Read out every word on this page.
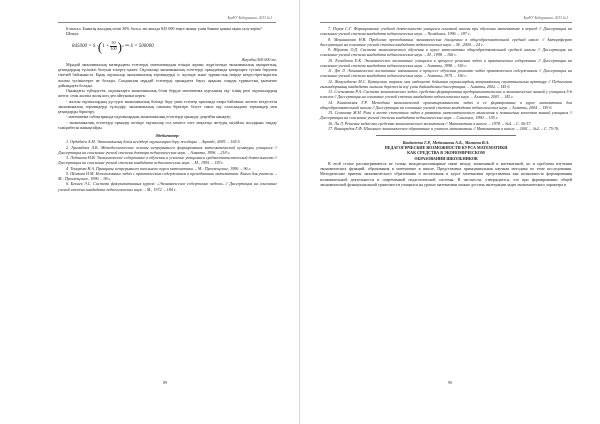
ҚазҰУ Хабаршысы. 2013 №1

6-мысал. Банктің жылдық өсімі 30% болса, екі жылда 845 000 теңге жинау үшін банкке қанша ақша салу керек?

Шешуі:

845000 =
S · ( $1 + \frac{30}{100}$ ) 2
⇒ S = 500000

Жауабы:500 000 тг.

Мұндай экономикалық мазмұндағы есептерді математикадан өзіндік жұмыс жүргізгенде экономикалық ақпараттың, ұғымдардың түсінікті болуын ескерту қажет. Оқушылар экономикалық есептерді орындағанда қатарларға түсінік берумен тікелей байланыста. Бірақ оқушылар экономикалық терминдерді іс жүзінде және тұрмыстық өмірде кездестіретіндіктен жалпы түсініктерге ие болады. Сондықтан мұндай есептерді орындауға баулу арқылы оларды тұрмыстық қызметке дайындауға болады.

Оқымдағы түйіндесек, оқушыларға экономикалық білім беруде математика курсының оқу ісінің рөлі оқушылардың жетпе, оған жалпы жолы көп деп айтуымыз керек:

- жалпы оқушылардың дүстурлі экономикалық білімді беру үшін есептер арасында өзара байланыс көптеп кездесетін экономикалық терминдерді түсіндіру, экономикалық санамен біріктіре білуге саяси оқу саласындағы терминдер мен ұғымдарды біріктіру;

- математика сабақтарында оқушылардың экономикалық есептерді орындау деңгейін анықтау;

- экономикалық есептерді орындау кезінде оқушылар сол немесе өзге мақсатқа жетудің оңтайлы жолдарын таңдау тәжірибесін жинақтайды.

Әдебиеттер:

1. Ордабаев А.М. Экономикалық білім негіздері оқушыларға беру жолдары. – Ақтөбе, 2009. – 165 б.

2. Аргинбаев А.К. Методологические основы непрерывного формирования математической культуры учащихся // Диссертация на соискание ученой степени доктора педагогических наук. – Алматы, 1996. – 218 с.

3. Лобанова Н.В. Экономическое содержание в обучении и усвоение учащимися среднестатистической деятельности // Диссертация на соискание ученой степени кандидата педагогических наук. – М., 1995. – 159 с.

4. Темирова Н.А. Принципы непрерывного школьного курса математики. – М.: Просвещение, 1990. – 96 с.

5. Шамова И.М. Использование задач с практическим содержанием в преподавании математики. Книга для учителя. – М.: Просвещение, 1990. – 96 с.

6. Бекиев Э.С. Система факультативных курсов: «Экономическое содержание задачи» // Диссертация на соискание ученой степени кандидата педагогических наук. – М., 1972. – 184 с.

89
ҚазҰУ Хабаршысы. 2013 №1

7. Перов С.Г. Формирование учебной деятельности учащихся основной школы при обучении математике в период // Диссертация на соискание ученой степени кандидата педагогических наук. – Челябинск, 1996. – 187 с.

8. Меньшикова Н.В. Проблема преподавания экономических дисциплин в общеобразовательной средней школе // Автореферат диссертации на соискание ученой степени кандидата педагогических наук. – М., 2000. – 24 с.

9. Ибраева О.Д. Система экономического обучения в курсе математики общеобразовательной средней школы // Диссертация на соискание ученой степени кандидата педагогических наук. – М., 1998. – 166 с.

10. Есенбеков Е.К. Экономическое воспитание учащихся в процессе решения задач и практическом содержании // Диссертация на соискание ученой степени кандидата педагогических наук. – Алматы, 1998. – 156 с.

11. Дю Л. Экономическое воспитание школьников в процессе обучения решению задач практическим содержанием // Диссертация на соискание ученой степени кандидата педагогических наук. – Алматы, 1975. – 156 с.

12. Жақсыбаева М.С. Қазақстан тарихы мен мәдениеті бойынша оқушылардың экономикалық сауаттылығын арттыру // Педагогика ғылымдарының кандидаты ғылыми дәрежесін алу үшін дайындалған диссертация. – Алматы, 2002. – 145 б.

13. Слепенкова Р.А. Система экономических задач: средство формирования предпринимательских и экономических знаний у учащихся 5-6 классов // Диссертация на соискание ученой степени кандидата педагогических наук. – Алматы, 2003. – 145 с.

14. Каиновская Г.Р. Методика экономической ориентированности задач и ее формирование в курсе математики для общеобразовательной школы // Диссертация на соискание ученой степени кандидата педагогических наук. – Алматы, 2004. – 159 б.

15. Семенова Ж.Н. Роль и место сюжетных задач в развитии математического мышления и повышении качества знаний учащихся // Диссертация на соискание ученой степени кандидата педагогических наук. – Смоленск, 1990. – 195 с.

16. Ла Л. Решение задач как средство экономического воспитания // Математика в школе. – 1978. – №4. – С. 56-57.

17. Виноградов Г.Ф. Школьное экономическое образование и учитель математики // Математика в школе. – 2001. – №2. – С. 75-76.

Кондажева Г.Р., Медиханова А.Б., Мамаева В.А.

ПЕДАГОГИЧЕСКИЕ ВОЗМОЖНОСТИ КУРСА МАТЕМАТИКИ

КАК СРЕДСТВА В ЭКОНОМИЧЕСКОМ

ОБРАЗОВАНИИ ШКОЛЬНИКОВ

В этой статье рассматриваются не только междисциплинарные связи между экономикой и математикой, но и проблема изучения экономических функций, образования в математике в школе. Представлена принципиальная научная методика по теме исследования. Методические приемы экономического образования и воспитания в курсе математики представлены как возможность формирования познавательной деятельности и современной педагогической системы. В частности, утверждается, что при формировании общей экономической функциональной грамотности учащихся на уроках математики можно достичь интеграции задач экономического характера в

90
